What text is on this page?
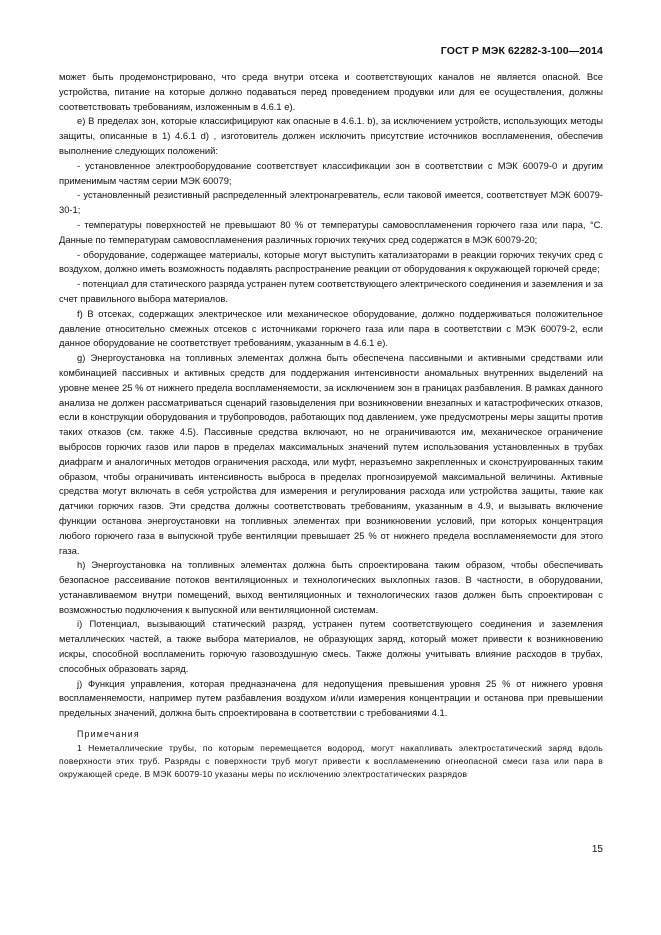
ГОСТ Р МЭК 62282-3-100—2014

может быть продемонстрировано, что среда внутри отсека и соответствующих каналов не является опасной. Все устройства, питание на которые должно подаваться перед проведением продувки или для ее осуществления, должны соответствовать требованиям, изложенным в 4.6.1 e).

e) В пределах зон, которые классифицируют как опасные в 4.6.1. b), за исключением устройств, использующих методы защиты, описанные в 1) 4.6.1 d) , изготовитель должен исключить присутствие источников воспламенения, обеспечив выполнение следующих положений:

- установленное электрооборудование соответствует классификации зон в соответствии с МЭК 60079-0 и другим применимым частям серии МЭК 60079;

- установленный резистивный распределенный электронагреватель, если таковой имеется, соответствует МЭК 60079-30-1;

- температуры поверхностей не превышают 80 % от температуры самовоспламенения горючего газа или пара, °С. Данные по температурам самовоспламенения различных горючих текучих сред содержатся в МЭК 60079-20;

- оборудование, содержащее материалы, которые могут выступить катализаторами в реакции горючих текучих сред с воздухом, должно иметь возможность подавлять распространение реакции от оборудования к окружающей горючей среде;

- потенциал для статического разряда устранен путем соответствующего электрического соединения и заземления и за счет правильного выбора материалов.

f) В отсеках, содержащих электрическое или механическое оборудование, должно поддерживаться положительное давление относительно смежных отсеков с источниками горючего газа или пара в соответствии с МЭК 60079-2, если данное оборудование не соответствует требованиям, указанным в 4.6.1 e).

g) Энергоустановка на топливных элементах должна быть обеспечена пассивными и активными средствами или комбинацией пассивных и активных средств для поддержания интенсивности аномальных внутренних выделений на уровне менее 25 % от нижнего предела воспламеняемости, за исключением зон в границах разбавления. В рамках данного анализа не должен рассматриваться сценарий газовыделения при возникновении внезапных и катастрофических отказов, если в конструкции оборудования и трубопроводов, работающих под давлением, уже предусмотрены меры защиты против таких отказов (см. также 4.5). Пассивные средства включают, но не ограничиваются им, механическое ограничение выбросов горючих газов или паров в пределах максимальных значений путем использования установленных в трубах диафрагм и аналогичных методов ограничения расхода, или муфт, неразъемно закрепленных и сконструированных таким образом, чтобы ограничивать интенсивность выброса в пределах прогнозируемой максимальной величины. Активные средства могут включать в себя устройства для измерения и регулирования расхода или устройства защиты, такие как датчики горючих газов. Эти средства должны соответствовать требованиям, указанным в 4.9, и вызывать включение функции останова энергоустановки на топливных элементах при возникновении условий, при которых концентрация любого горючего газа в выпускной трубе вентиляции превышает 25 % от нижнего предела воспламеняемости для этого газа.

h) Энергоустановка на топливных элементах должна быть спроектирована таким образом, чтобы обеспечивать безопасное рассеивание потоков вентиляционных и технологических выхлопных газов. В частности, в оборудовании, устанавливаемом внутри помещений, выход вентиляционных и технологических газов должен быть спроектирован с возможностью подключения к выпускной или вентиляционной системам.

i) Потенциал, вызывающий статический разряд, устранен путем соответствующего соединения и заземления металлических частей, а также выбора материалов, не образующих заряд, который может привести к возникновению искры, способной воспламенить горючую газовоздушную смесь. Также должны учитывать влияние расходов в трубах, способных образовать заряд.

j) Функция управления, которая предназначена для недопущения превышения уровня 25 % от нижнего уровня воспламеняемости, например путем разбавления воздухом и/или измерения концентрации и останова при превышении предельных значений, должна быть спроектирована в соответствии с требованиями 4.1.

Примечания

1 Неметаллические трубы, по которым перемещается водород, могут накапливать электростатический заряд вдоль поверхности этих труб. Разряды с поверхности труб могут привести к воспламенению огнеопасной смеси газа или пара в окружающей среде. В МЭК 60079-10 указаны меры по исключению электростатических разрядов

15
